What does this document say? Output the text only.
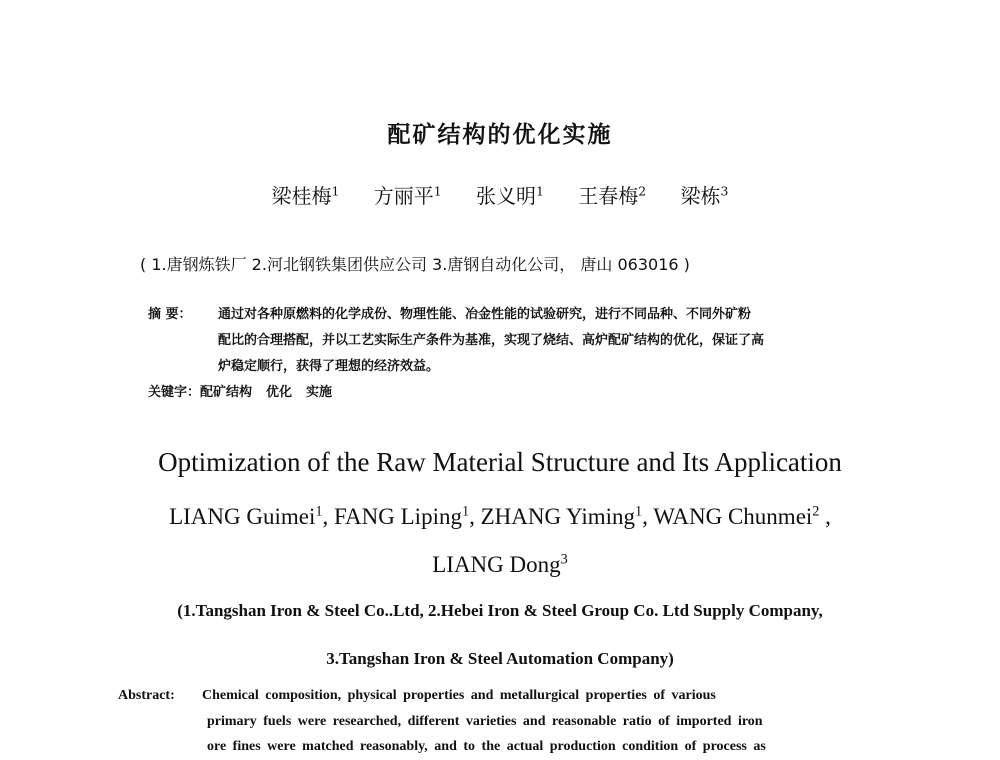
配矿结构的优化实施
梁桂梅$^1$ 方丽平$^1$ 张义明$^1$ 王春梅$^2$ 梁栋$^3$
( 1.唐钢炼铁厂 2.河北钢铁集团供应公司 3.唐钢自动化公司， 唐山 063016 )
摘 要： 通过对各种原燃料的化学成份、物理性能、冶金性能的试验研究，进行不同品种、不同外矿粉
配比的合理搭配，并以工艺实际生产条件为基准，实现了烧结、高炉配矿结构的优化，保证了高
炉稳定顺行，获得了理想的经济效益。
关键字：配矿结构 优化 实施
Optimization of the Raw Material Structure and Its Application
LIANG Guimei$^1$, FANG Liping$^1$, ZHANG Yiming$^1$, WANG Chunmei$^2$ ,
LIANG Dong$^3$
(1.Tangshan Iron & Steel Co..Ltd, 2.Hebei Iron & Steel Group Co. Ltd Supply Company,
3.Tangshan Iron & Steel Automation Company)
Abstract: Chemical composition, physical properties and metallurgical properties of various
primary fuels were researched, different varieties and reasonable ratio of imported iron
ore fines were matched reasonably, and to the actual production condition of process as
